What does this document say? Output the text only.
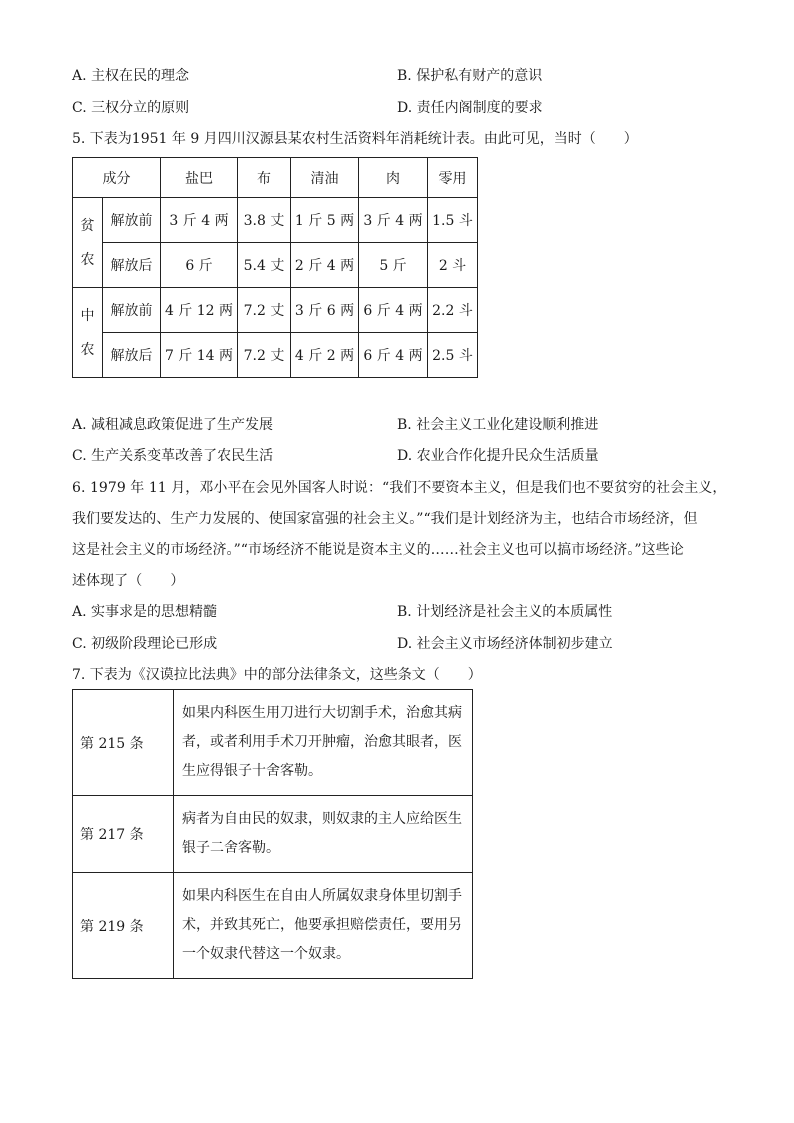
A. 主权在民的理念	B. 保护私有财产的意识
C. 三权分立的原则	D. 责任内阁制度的要求
5. 下表为1951 年 9 月四川汉源县某农村生活资料年消耗统计表。由此可见，当时（　　）
成分		盐巴	布	清油	肉	零用

贫
农	解放前	3 斤 4 两	3.8 丈	1 斤 5 两	3 斤 4 两	1.5 斗
	解放后	6 斤	5.4 丈	2 斤 4 两	5 斤	2 斗

中
农	解放前	4 斤 12 两	7.2 丈	3 斤 6 两	6 斤 4 两	2.2 斗
	解放后	7 斤 14 两	7.2 丈	4 斤 2 两	6 斤 4 两	2.5 斗
A. 减租减息政策促进了生产发展	B. 社会主义工业化建设顺利推进
C. 生产关系变革改善了农民生活	D. 农业合作化提升民众生活质量
6. 1979 年 11 月，邓小平在会见外国客人时说：“我们不要资本主义，但是我们也不要贫穷的社会主义，
我们要发达的、生产力发展的、使国家富强的社会主义。”“我们是计划经济为主，也结合市场经济，但
这是社会主义的市场经济。”“市场经济不能说是资本主义的……社会主义也可以搞市场经济。”这些论
述体现了（　　）
A. 实事求是的思想精髓	B. 计划经济是社会主义的本质属性
C. 初级阶段理论已形成	D. 社会主义市场经济体制初步建立
7. 下表为《汉谟拉比法典》中的部分法律条文，这些条文（　　）
第 215 条	如果内科医生用刀进行大切割手术，治愈其病者，或者利用手术刀开肿瘤，治愈其眼者，医生应得银子十舍客勒。
第 217 条	病者为自由民的奴隶，则奴隶的主人应给医生银子二舍客勒。
第 219 条	如果内科医生在自由人所属奴隶身体里切割手术，并致其死亡，他要承担赔偿责任，要用另一个奴隶代替这一个奴隶。
